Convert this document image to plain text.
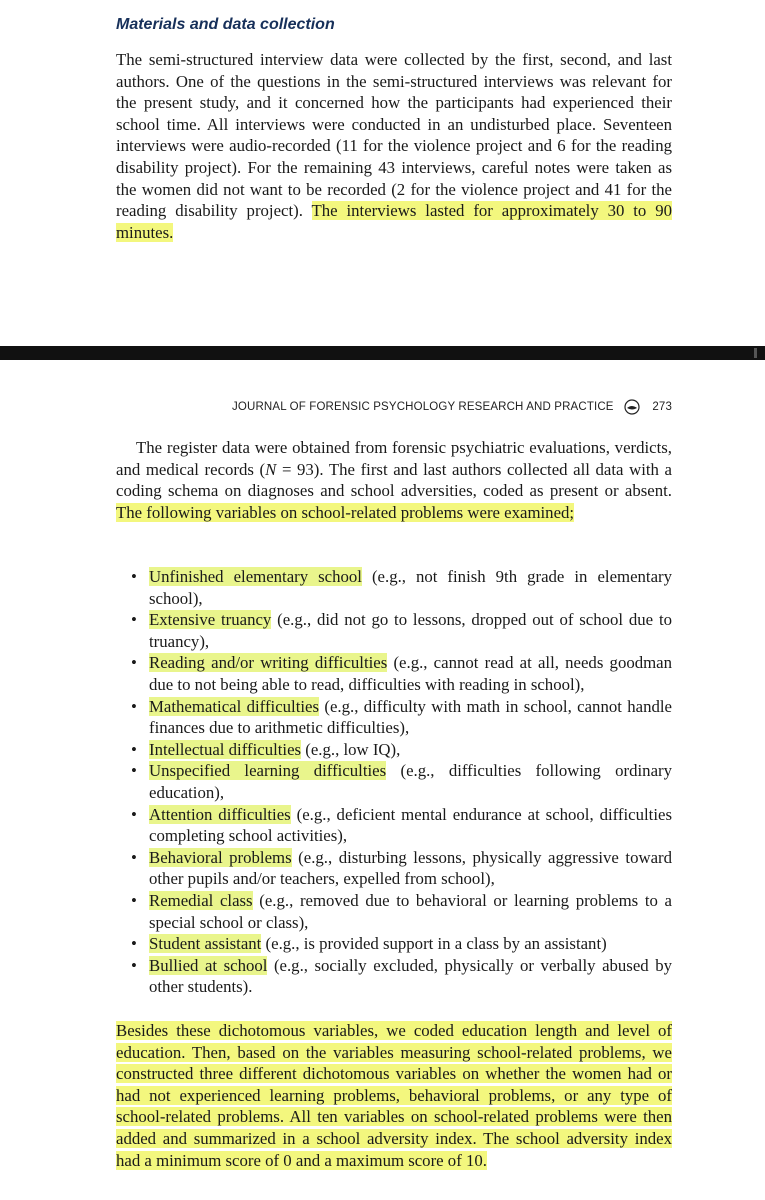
Materials and data collection

The semi-structured interview data were collected by the first, second, and last authors. One of the questions in the semi-structured interviews was relevant for the present study, and it concerned how the participants had experienced their school time. All interviews were conducted in an undisturbed place. Seventeen interviews were audio-recorded (11 for the violence project and 6 for the reading disability project). For the remaining 43 interviews, careful notes were taken as the women did not want to be recorded (2 for the violence project and 41 for the reading disability project). The interviews lasted for approximately 30 to 90 minutes.

JOURNAL OF FORENSIC PSYCHOLOGY RESEARCH AND PRACTICE	273

The register data were obtained from forensic psychiatric evaluations, verdicts, and medical records (N = 93). The first and last authors collected all data with a coding schema on diagnoses and school adversities, coded as present or absent. The following variables on school-related problems were examined;

• Unfinished elementary school (e.g., not finish 9th grade in elementary school),
• Extensive truancy (e.g., did not go to lessons, dropped out of school due to truancy),
• Reading and/or writing difficulties (e.g., cannot read at all, needs goodman due to not being able to read, difficulties with reading in school),
• Mathematical difficulties (e.g., difficulty with math in school, cannot handle finances due to arithmetic difficulties),
• Intellectual difficulties (e.g., low IQ),
• Unspecified learning difficulties (e.g., difficulties following ordinary education),
• Attention difficulties (e.g., deficient mental endurance at school, difficulties completing school activities),
• Behavioral problems (e.g., disturbing lessons, physically aggressive toward other pupils and/or teachers, expelled from school),
• Remedial class (e.g., removed due to behavioral or learning problems to a special school or class),
• Student assistant (e.g., is provided support in a class by an assistant)
• Bullied at school (e.g., socially excluded, physically or verbally abused by other students).

Besides these dichotomous variables, we coded education length and level of education. Then, based on the variables measuring school-related problems, we constructed three different dichotomous variables on whether the women had or had not experienced learning problems, behavioral problems, or any type of school-related problems. All ten variables on school-related problems were then added and summarized in a school adversity index. The school adversity index had a minimum score of 0 and a maximum score of 10.
